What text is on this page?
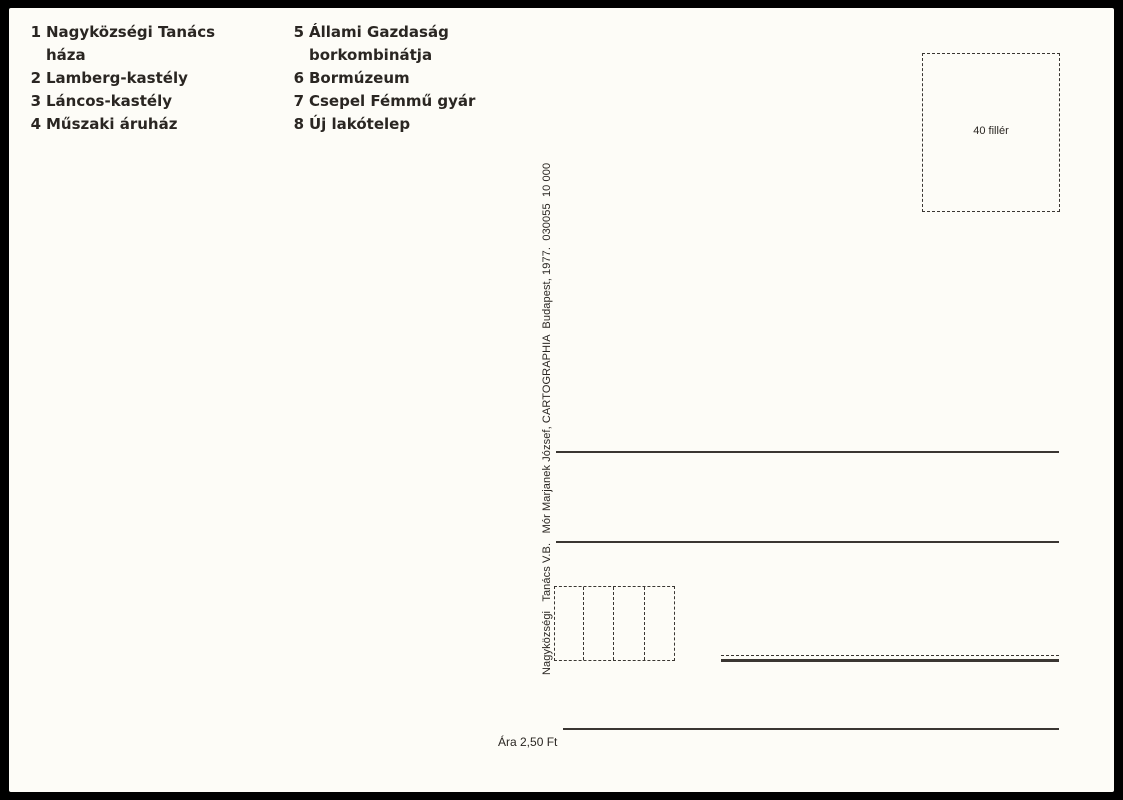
1 Nagyközségi Tanács
háza
2 Lamberg-kastély
3 Láncos-kastély
4 Műszaki áruház
5 Állami Gazdaság
borkombinátja
6 Bormúzeum
7 Csepel Fémmű gyár
8 Új lakótelep
Nagyközségi   Tanács V.B.   Mór Marjanek József, CARTOGRAPHIA  Budapest, 1977.  030055  10 000
40 fillér
Ára 2,50 Ft
